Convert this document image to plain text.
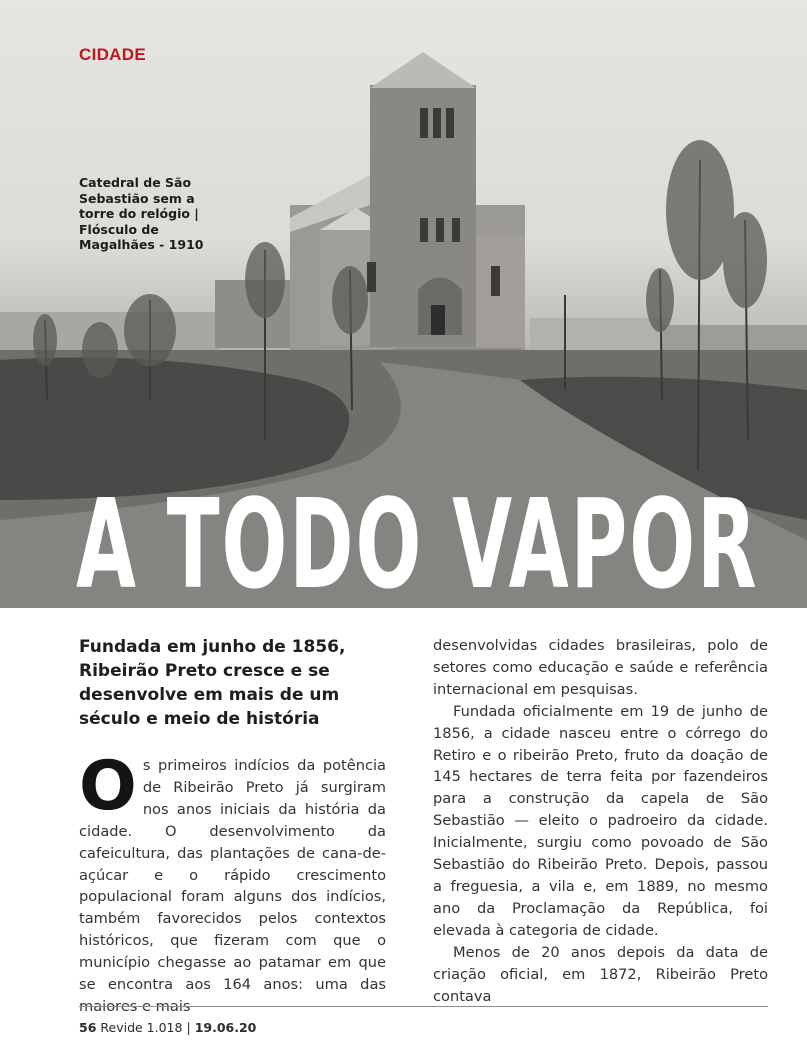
CIDADE

Catedral de São Sebastião sem a torre do relógio | Flósculo de Magalhães - 1910

A TODO VAPOR

Fundada em junho de 1856, Ribeirão Preto cresce e se desenvolve em mais de um século e meio de história

Os primeiros indícios da potência de Ribeirão Preto já surgiram nos anos iniciais da história da cidade. O desenvolvimento da cafeicultura, das plantações de cana-de-açúcar e o rápido crescimento populacional foram alguns dos indícios, também favorecidos pelos contextos históricos, que fizeram com que o município chegasse ao patamar em que se encontra aos 164 anos: uma das maiores e mais

desenvolvidas cidades brasileiras, polo de setores como educação e saúde e referência internacional em pesquisas.

Fundada oficialmente em 19 de junho de 1856, a cidade nasceu entre o córrego do Retiro e o ribeirão Preto, fruto da doação de 145 hectares de terra feita por fazendeiros para a construção da capela de São Sebastião — eleito o padroeiro da cidade. Inicialmente, surgiu como povoado de São Sebastião do Ribeirão Preto. Depois, passou a freguesia, a vila e, em 1889, no mesmo ano da Proclamação da República, foi elevada à categoria de cidade.

Menos de 20 anos depois da data de criação oficial, em 1872, Ribeirão Preto contava

56 Revide 1.018 | 19.06.20
